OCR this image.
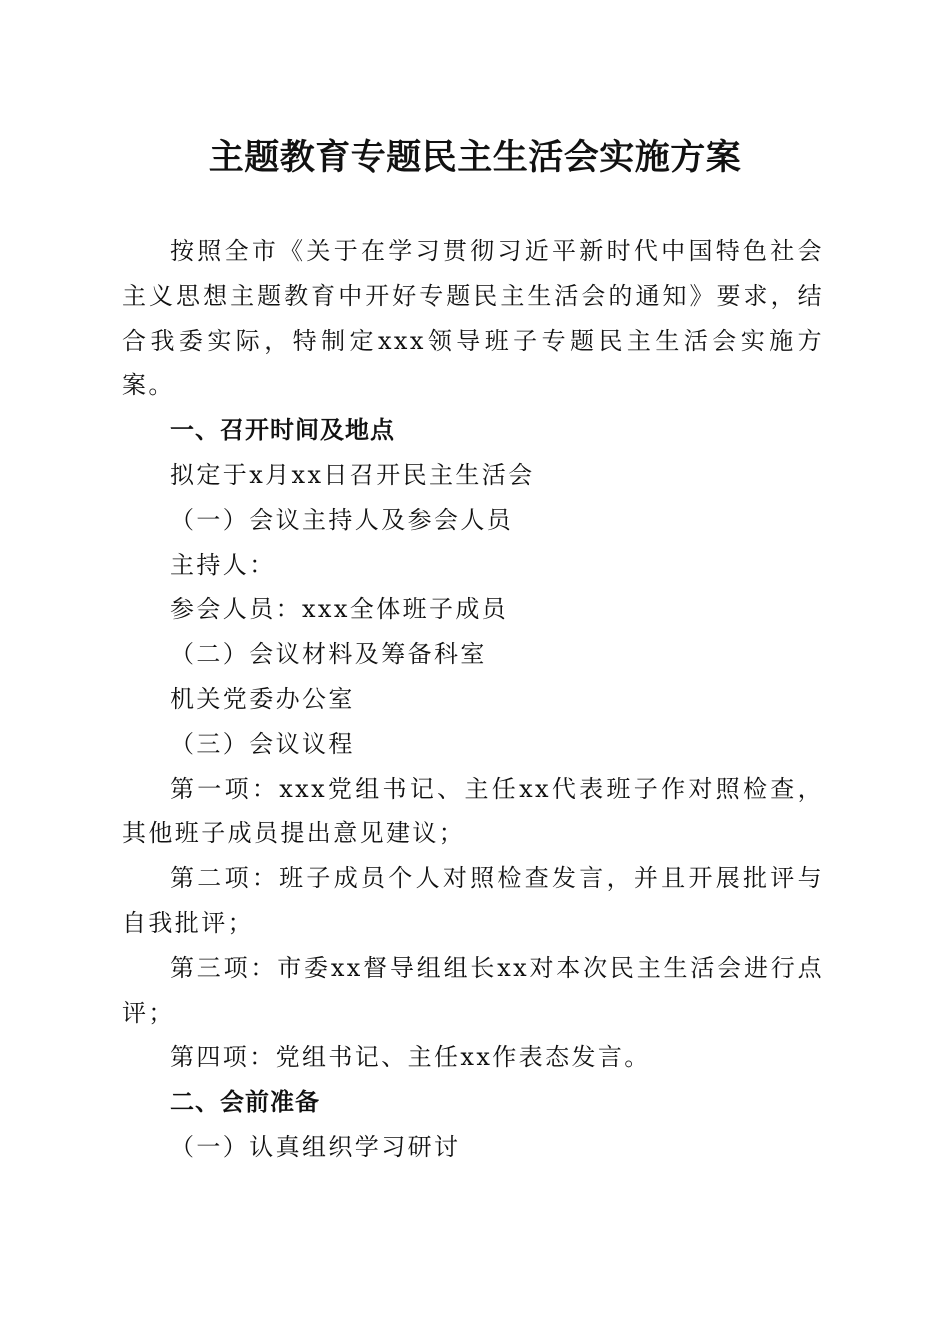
主题教育专题民主生活会实施方案

按照全市《关于在学习贯彻习近平新时代中国特色社会主义思想主题教育中开好专题民主生活会的通知》要求，结合我委实际，特制定xxx领导班子专题民主生活会实施方案。

一、召开时间及地点

拟定于x月xx日召开民主生活会

（一）会议主持人及参会人员

主持人：

参会人员：xxx全体班子成员

（二）会议材料及筹备科室

机关党委办公室

（三）会议议程

第一项：xxx党组书记、主任xx代表班子作对照检查，其他班子成员提出意见建议；

第二项：班子成员个人对照检查发言，并且开展批评与自我批评；

第三项：市委xx督导组组长xx对本次民主生活会进行点评；

第四项：党组书记、主任xx作表态发言。

二、会前准备

（一）认真组织学习研讨
